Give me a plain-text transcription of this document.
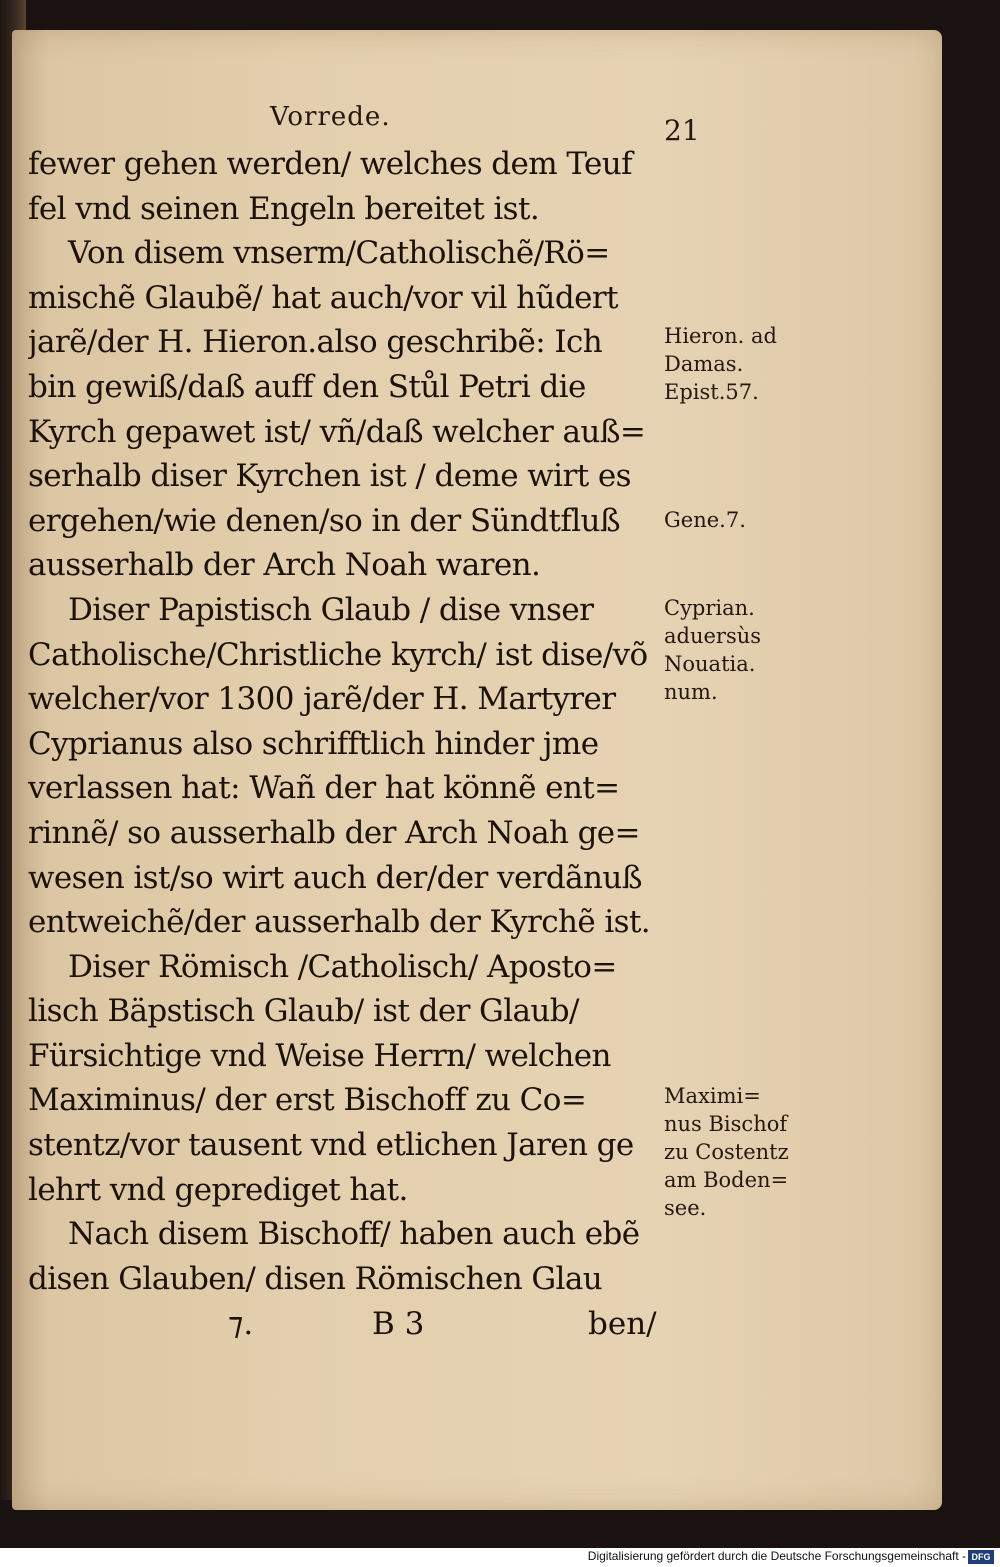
Vorrede.	21
fewer gehen werden/ welches dem Teuf
fel vnd seinen Engeln bereitet ist.
Von disem vnserm/Catholischẽ/Rö=
mischẽ Glaubẽ/ hat auch/vor vil hũdert
jarẽ/der H. Hieron.also geschribẽ: Ich
bin gewiß/daß auff den Stůl Petri die
Kyrch gepawet ist/ vñ/daß welcher auß=
serhalb diser Kyrchen ist / deme wirt es
ergehen/wie denen/so in der Sündtfluß
ausserhalb der Arch Noah waren.
Diser Papistisch Glaub / dise vnser
Catholische/Christliche kyrch/ ist dise/võ
welcher/vor 1300 jarẽ/der H. Martyrer
Cyprianus also schrifftlich hinder jme
verlassen hat: Wañ der hat könnẽ ent=
rinnẽ/ so ausserhalb der Arch Noah ge=
wesen ist/so wirt auch der/der verdãnuß
entweichẽ/der ausserhalb der Kyrchẽ ist.
Diser Römisch /Catholisch/ Aposto=
lisch Bäpstisch Glaub/ ist der Glaub/
Fürsichtige vnd Weise Herrn/ welchen
Maximinus/ der erst Bischoff zu Co=
stentz/vor tausent vnd etlichen Jaren ge
lehrt vnd geprediget hat.
Nach disem Bischoff/ haben auch ebẽ
disen Glauben/ disen Römischen Glau
⁊.	B 3	ben/
Hieron. ad
Damas.
Epist.57.
Gene.7.
Cyprian.
aduersùs
Nouatia.
num.
Maximi=
nus Bischof
zu Costentz
am Boden=
see.
Digitalisierung gefördert durch die Deutsche Forschungsgemeinschaft - DFG
